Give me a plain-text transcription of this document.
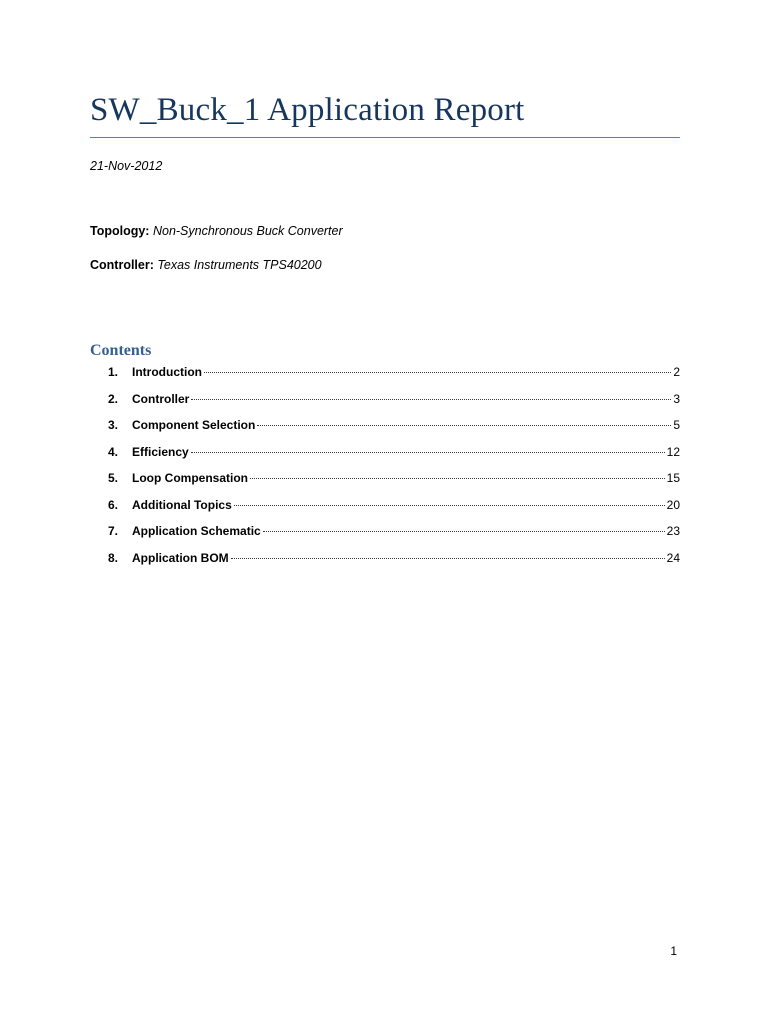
SW_Buck_1 Application Report
21-Nov-2012
Topology: Non-Synchronous Buck Converter
Controller: Texas Instruments TPS40200
Contents
1. Introduction	2
2. Controller	3
3. Component Selection	5
4. Efficiency	12
5. Loop Compensation	15
6. Additional Topics	20
7. Application Schematic	23
8. Application BOM	24
1
